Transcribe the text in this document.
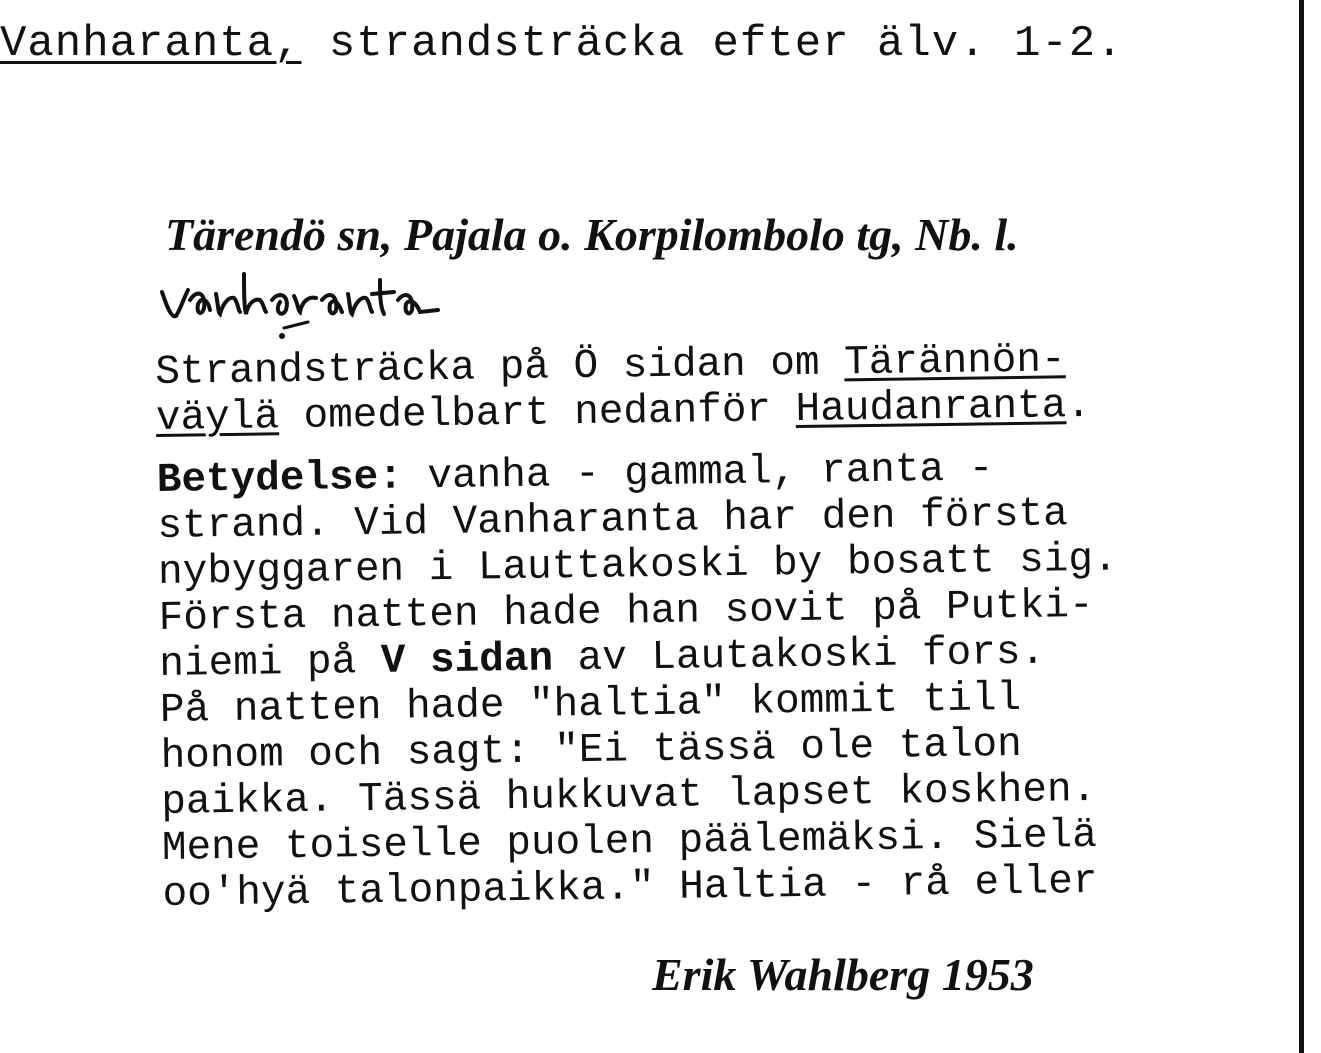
Vanharanta, strandsträcka efter älv. 1-2.
Tärendö sn, Pajala o. Korpilombolo tg, Nb. l.
Strandsträcka på Ö sidan om Tärännön-
väylä omedelbart nedanför Haudanranta.

Betydelse: vanha - gammal, ranta -
strand. Vid Vanharanta har den första
nybyggaren i Lauttakoski by bosatt sig.
Första natten hade han sovit på Putki-
niemi på V sidan av Lautakoski fors.
På natten hade "haltia" kommit till
honom och sagt: "Ei tässä ole talon
paikka. Tässä hukkuvat lapset koskhen.
Mene toiselle puolen päälemäksi. Sielä
oo'hyä talonpaikka." Haltia - rå eller
Erik Wahlberg 1953
